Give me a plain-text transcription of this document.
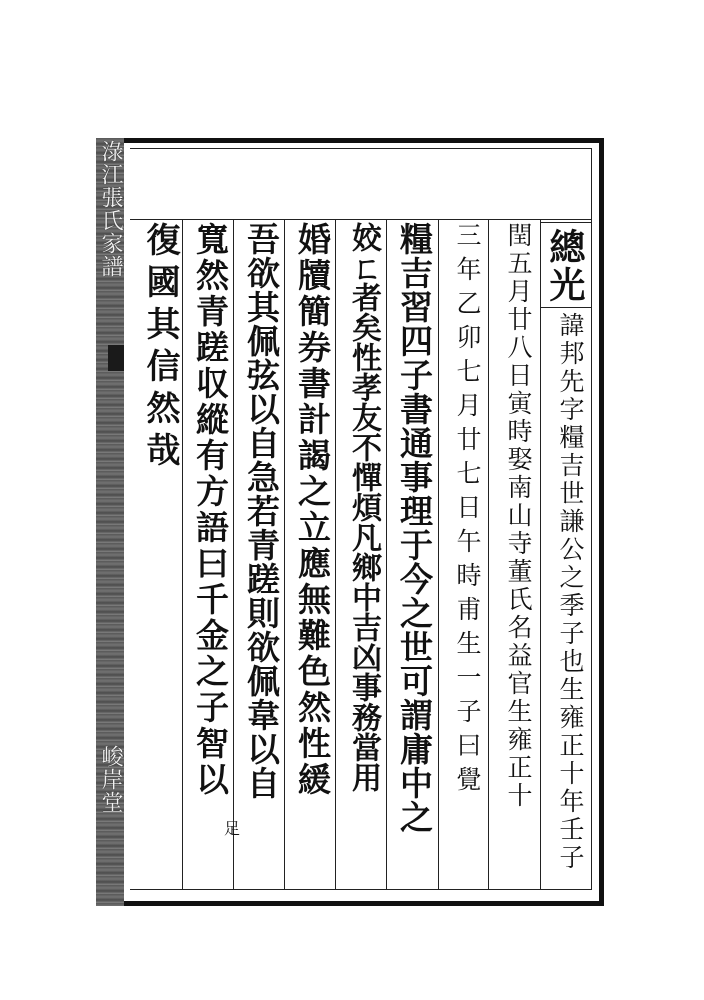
淥江張氏家譜
峻岸堂
總光
諱邦先字糧吉世謙公之季子也生雍正十年壬子
閏五月廿八日寅時娶南山寺董氏名益官生雍正十
三年乙卯七月廿七日午時甫生一子曰覺
糧吉習四子書通事理于今之世可謂庸中之
姣ㄈ者矣性孝友不憚煩凡鄉中吉凶事務當用
婚牘簡券書計謁之立應無難色然性緩
吾欲其佩弦以自急若青蹉則欲佩韋以自
寬然青蹉収縱有方語曰千金之子智以
復國其信然哉
足
